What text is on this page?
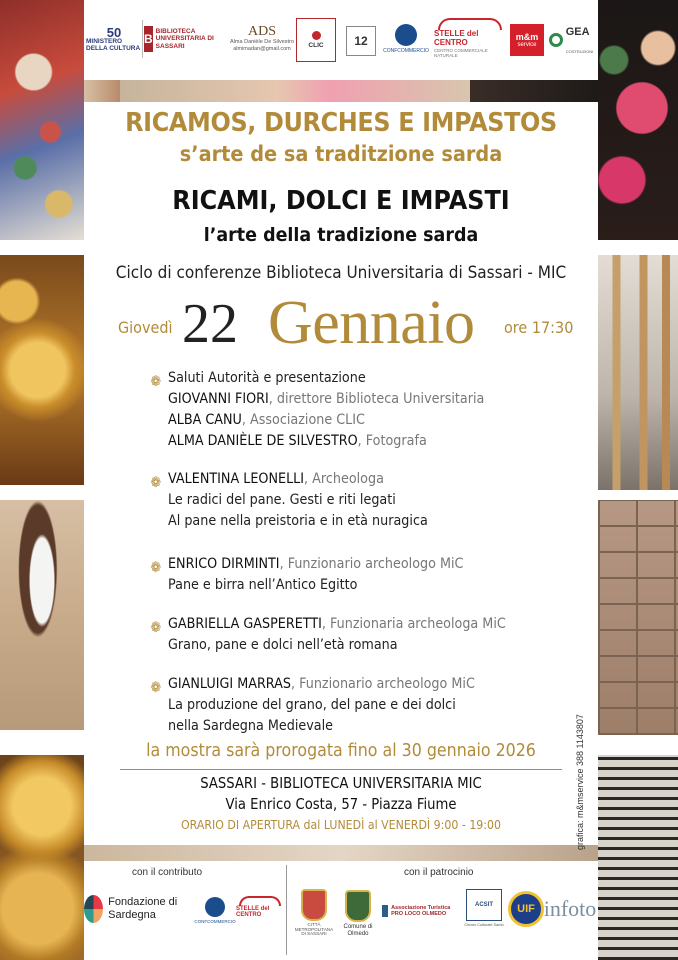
50
MINISTERO DELLA CULTURA
B
BIBLIOTECA UNIVERSITARIA DI SASSARI
ADS
Alma Danièle De Silvestro
almimadan@gmail.com	CLIC	12
CONFCOMMERCIO
STELLE del CENTRO
CENTRO COMMERCIALE NATURALE
m&m
service
GEA
COSTRUZIONI
RICAMOS, DURCHES E IMPASTOS
s’arte de sa traditzione sarda
RICAMI, DOLCI E IMPASTI
l’arte della tradizione sarda
Ciclo di conferenze Biblioteca Universitaria di Sassari - MIC
Giovedì 22 Gennaio ore 17:30
❁ Saluti Autorità e presentazione
GIOVANNI FIORI, direttore Biblioteca Universitaria
ALBA CANU, Associazione CLIC
ALMA DANIÈLE DE SILVESTRO, Fotografa
❁ VALENTINA LEONELLI, Archeologa
Le radici del pane. Gesti e riti legati
Al pane nella preistoria e in età nuragica
❁ ENRICO DIRMINTI, Funzionario archeologo MiC
Pane e birra nell’Antico Egitto
❁ GABRIELLA GASPERETTI, Funzionaria archeologa MiC
Grano, pane e dolci nell’età romana
❁ GIANLUIGI MARRAS, Funzionario archeologo MiC
La produzione del grano, del pane e dei dolci
nella Sardegna Medievale
la mostra sarà prorogata fino al 30 gennaio 2026
SASSARI - BIBLIOTECA UNIVERSITARIA MIC
Via Enrico Costa, 57 - Piazza Fiume
ORARIO DI APERTURA dal LUNEDÌ al VENERDÌ 9:00 - 19:00	grafica: m&mservice 388 1143807
con il contributo	con il patrocinio
Fondazione di Sardegna	CONFCOMMERCIO
STELLE del CENTRO
CITTÀ METROPOLITANA DI SASSARI
Comune di Olmedo
Associazione Turistica PRO LOCO OLMEDO
ACSIT
Circolo Culturale Sardo
UIF infoto
